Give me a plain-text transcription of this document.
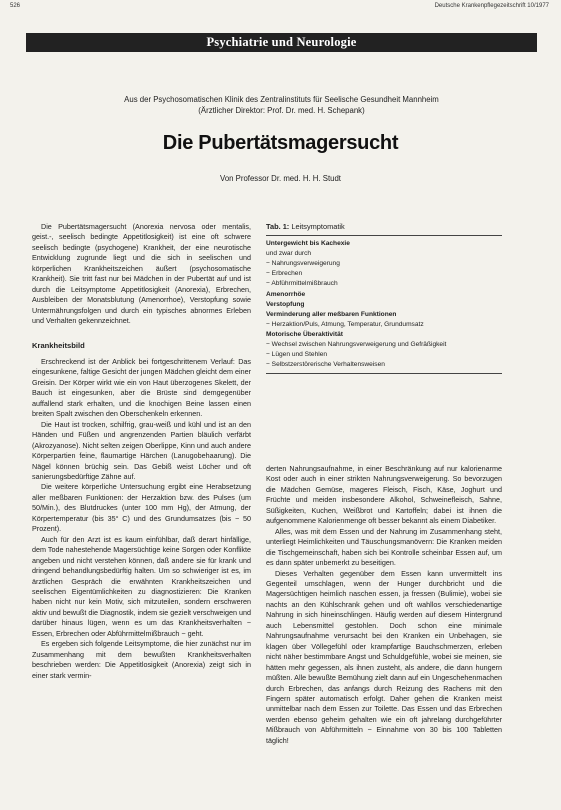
526	Deutsche Krankenpflegezeitschrift 10/1977
Psychiatrie und Neurologie
Aus der Psychosomatischen Klinik des Zentralinstituts für Seelische Gesundheit Mannheim
(Ärztlicher Direktor: Prof. Dr. med. H. Schepank)
Die Pubertätsmagersucht
Von Professor Dr. med. H. H. Studt

Die Pubertätsmagersucht (Anorexia nervosa oder mentalis, geist.-, seelisch bedingte Appetitlosigkeit) ist eine oft schwere seelisch bedingte (psychogene) Krankheit, der eine neurotische Entwicklung zugrunde liegt und die sich in seelischen und körperlichen Krankheitszeichen äußert (psychosomatische Krankheit). Sie tritt fast nur bei Mädchen in der Pubertät auf und ist durch die Leitsymptome Appetitlosigkeit (Anorexia), Erbrechen, Ausbleiben der Monatsblutung (Amenorrhoe), Verstopfung sowie Untermährungsfolgen und durch ein typisches abnormes Erleben und Verhalten gekennzeichnet.

Krankheitsbild

Erschreckend ist der Anblick bei fortgeschrittenem Verlauf: Das eingesunkene, faltige Gesicht der jungen Mädchen gleicht dem einer Greisin. Der Körper wirkt wie ein von Haut überzogenes Skelett, der Bauch ist eingesunken, aber die Brüste sind demgegenüber auffallend stark erhalten, und die knochigen Beine lassen einen breiten Spalt zwischen den Oberschenkeln erkennen.

Die Haut ist trocken, schilfrig, grau-weiß und kühl und ist an den Händen und Füßen und angrenzenden Partien bläulich verfärbt (Akrozyanose). Nicht selten zeigen Oberlippe, Kinn und auch andere Körperpartien feine, flaumartige Härchen (Lanugobehaarung). Die Nägel können brüchig sein. Das Gebiß weist Löcher und oft sanierungsbedürftige Zähne auf.

Die weitere körperliche Untersuchung ergibt eine Herabsetzung aller meßbaren Funktionen: der Herzaktion bzw. des Pulses (um 50/Min.), des Blutdruckes (unter 100 mm Hg), der Atmung, der Körpertemperatur (bis 35° C) und des Grundumsatzes (bis − 50 Prozent).

Auch für den Arzt ist es kaum einfühlbar, daß derart hinfällige, dem Tode nahestehende Magersüchtige keine Sorgen oder Konflikte angeben und nicht verstehen können, daß andere sie für krank und dringend behandlungsbedürftig halten. Um so schwieriger ist es, im ärztlichen Gespräch die erwähnten Krankheitszeichen und seelischen Eigentümlichkeiten zu diagnostizieren: Die Kranken haben nicht nur kein Motiv, sich mitzuteilen, sondern erschweren aktiv und bewußt die Diagnostik, indem sie gezielt verschweigen und darüber hinaus lügen, wenn es um das Krankheitsverhalten − Essen, Erbrechen oder Abführmittelmißbrauch − geht.

Es ergeben sich folgende Leitsymptome, die hier zunächst nur im Zusammenhang mit dem bewußten Krankheitsverhalten beschrieben werden: Die Appetitlosigkeit (Anorexia) zeigt sich in einer stark vermin-

Tab. 1: Leitsymptomatik
Untergewicht bis Kachexie
und zwar durch
− Nahrungsverweigerung
− Erbrechen
− Abführmittelmißbrauch
Amenorrhöe
Verstopfung
Verminderung aller meßbaren Funktionen
− Herzaktion/Puls, Atmung, Temperatur, Grundumsatz
Motorische Überaktivität
− Wechsel zwischen Nahrungsverweigerung und Gefräßigkeit
− Lügen und Stehlen
− Selbstzerstörerische Verhaltensweisen

derten Nahrungsaufnahme, in einer Beschränkung auf nur kalorienarme Kost oder auch in einer strikten Nahrungsverweigerung. So bevorzugen die Mädchen Gemüse, mageres Fleisch, Fisch, Käse, Joghurt und Früchte und meiden insbesondere Alkohol, Schweinefleisch, Sahne, Süßigkeiten, Kuchen, Weißbrot und Kartoffeln; dabei ist ihnen die aufgenommene Kalorienmenge oft besser bekannt als einem Diabetiker.

Alles, was mit dem Essen und der Nahrung im Zusammenhang steht, unterliegt Heimlichkeiten und Täuschungsmanövern: Die Kranken meiden die Tischgemeinschaft, haben sich bei Kontrolle scheinbar Essen auf, um es dann später unbemerkt zu beseitigen.

Dieses Verhalten gegenüber dem Essen kann unvermittelt ins Gegenteil umschlagen, wenn der Hunger durchbricht und die Magersüchtigen heimlich naschen essen, ja fressen (Bulimie), wobei sie nachts an den Kühlschrank gehen und oft wahllos verschiedenartige Nahrung in sich hineinschlingen. Häufig werden auf diesem Hintergrund auch Lebensmittel gestohlen. Doch schon eine minimale Nahrungsaufnahme verursacht bei den Kranken ein Unbehagen, sie klagen über Völlegefühl oder krampfartige Bauchschmerzen, erleben nicht näher bestimmbare Angst und Schuldgefühle, wobei sie meinen, sie hätten mehr gegessen, als ihnen zusteht, als andere, die dann hungern müßten. Alle bewußte Bemühung zielt dann auf ein Ungeschehenmachen durch Erbrechen, das anfangs durch Reizung des Rachens mit den Fingern später automatisch erfolgt. Daher gehen die Kranken meist unmittelbar nach dem Essen zur Toilette. Das Essen und das Erbrechen werden ebenso geheim gehalten wie ein oft jahrelang durchgeführter Mißbrauch von Abführmitteln − Einnahme von 30 bis 100 Tabletten täglich!
